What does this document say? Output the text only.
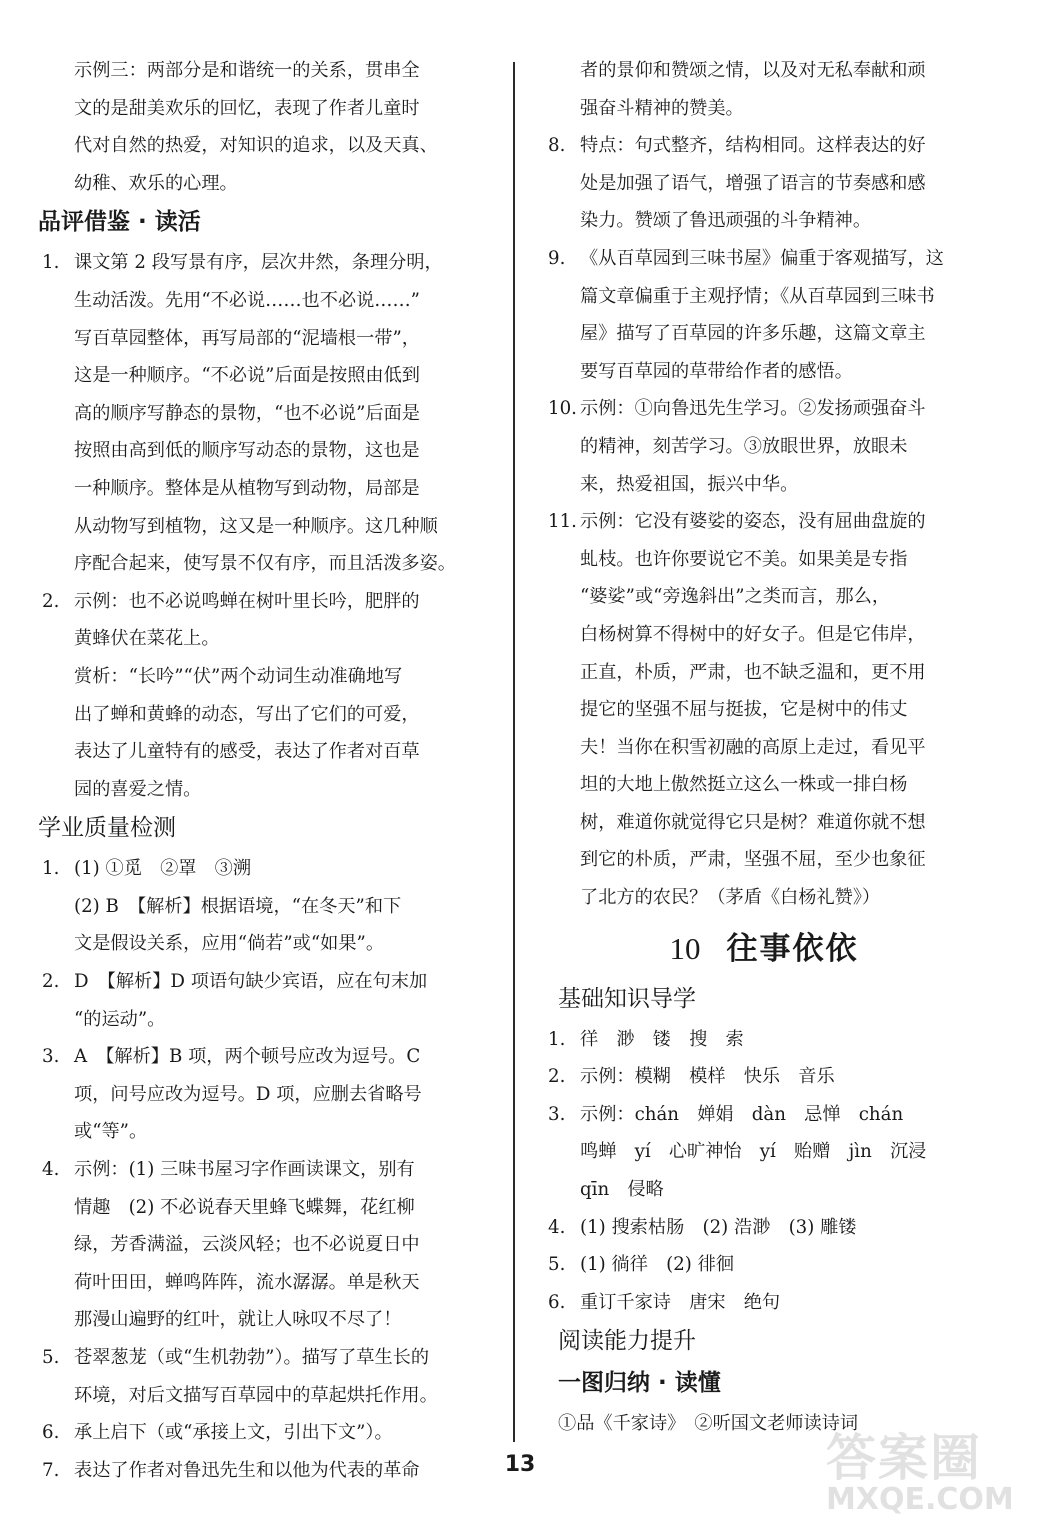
示例三：两部分是和谐统一的关系，贯串全
文的是甜美欢乐的回忆，表现了作者儿童时
代对自然的热爱，对知识的追求，以及天真、
幼稚、欢乐的心理。
品评借鉴 · 读活
1. 课文第 2 段写景有序，层次井然，条理分明，
生动活泼。先用“不必说……也不必说……”
写百草园整体，再写局部的“泥墙根一带”，
这是一种顺序。“不必说”后面是按照由低到
高的顺序写静态的景物，“也不必说”后面是
按照由高到低的顺序写动态的景物，这也是
一种顺序。整体是从植物写到动物，局部是
从动物写到植物，这又是一种顺序。这几种顺
序配合起来，使写景不仅有序，而且活泼多姿。
2. 示例：也不必说鸣蝉在树叶里长吟，肥胖的
黄蜂伏在菜花上。
赏析：“长吟”“伏”两个动词生动准确地写
出了蝉和黄蜂的动态，写出了它们的可爱，
表达了儿童特有的感受，表达了作者对百草
园的喜爱之情。
学业质量检测
1. (1) ①觅　②罩　③溯
(2) B　【解析】根据语境，“在冬天”和下
文是假设关系，应用“倘若”或“如果”。
2. D　【解析】D 项语句缺少宾语，应在句末加
“的运动”。
3. A　【解析】B 项，两个顿号应改为逗号。C
项，问号应改为逗号。D 项，应删去省略号
或“等”。
4. 示例：(1) 三味书屋习字作画读课文，别有
情趣　(2) 不必说春天里蜂飞蝶舞，花红柳
绿，芳香满溢，云淡风轻；也不必说夏日中
荷叶田田，蝉鸣阵阵，流水潺潺。单是秋天
那漫山遍野的红叶，就让人咏叹不尽了！
5. 苍翠葱茏（或“生机勃勃”）。描写了草生长的
环境，对后文描写百草园中的草起烘托作用。
6. 承上启下（或“承接上文，引出下文”）。
7. 表达了作者对鲁迅先生和以他为代表的革命
者的景仰和赞颂之情，以及对无私奉献和顽
强奋斗精神的赞美。
8. 特点：句式整齐，结构相同。这样表达的好
处是加强了语气，增强了语言的节奏感和感
染力。赞颂了鲁迅顽强的斗争精神。
9. 《从百草园到三味书屋》偏重于客观描写，这
篇文章偏重于主观抒情；《从百草园到三味书
屋》描写了百草园的许多乐趣，这篇文章主
要写百草园的草带给作者的感悟。
10. 示例：①向鲁迅先生学习。②发扬顽强奋斗
的精神，刻苦学习。③放眼世界，放眼未
来，热爱祖国，振兴中华。
11. 示例：它没有婆娑的姿态，没有屈曲盘旋的
虬枝。也许你要说它不美。如果美是专指
“婆娑”或“旁逸斜出”之类而言，那么，
白杨树算不得树中的好女子。但是它伟岸，
正直，朴质，严肃，也不缺乏温和，更不用
提它的坚强不屈与挺拔，它是树中的伟丈
夫！当你在积雪初融的高原上走过，看见平
坦的大地上傲然挺立这么一株或一排白杨
树，难道你就觉得它只是树？难道你就不想
到它的朴质，严肃，坚强不屈，至少也象征
了北方的农民？（茅盾《白杨礼赞》）
10 往事依依
基础知识导学
1. 徉　渺　镂　搜　索
2. 示例：模糊　模样　快乐　音乐
3. 示例：chán　婵娟　dàn　忌惮　chán
鸣蝉　yí　心旷神怡　yí　贻赠　jìn　沉浸
qīn　侵略
4. (1) 搜索枯肠　(2) 浩渺　(3) 雕镂
5. (1) 徜徉　(2) 徘徊
6. 重订千家诗　唐宋　绝句
阅读能力提升
一图归纳 · 读懂
①品《千家诗》　②听国文老师读诗词
13	答案圈
MXQE.COM
